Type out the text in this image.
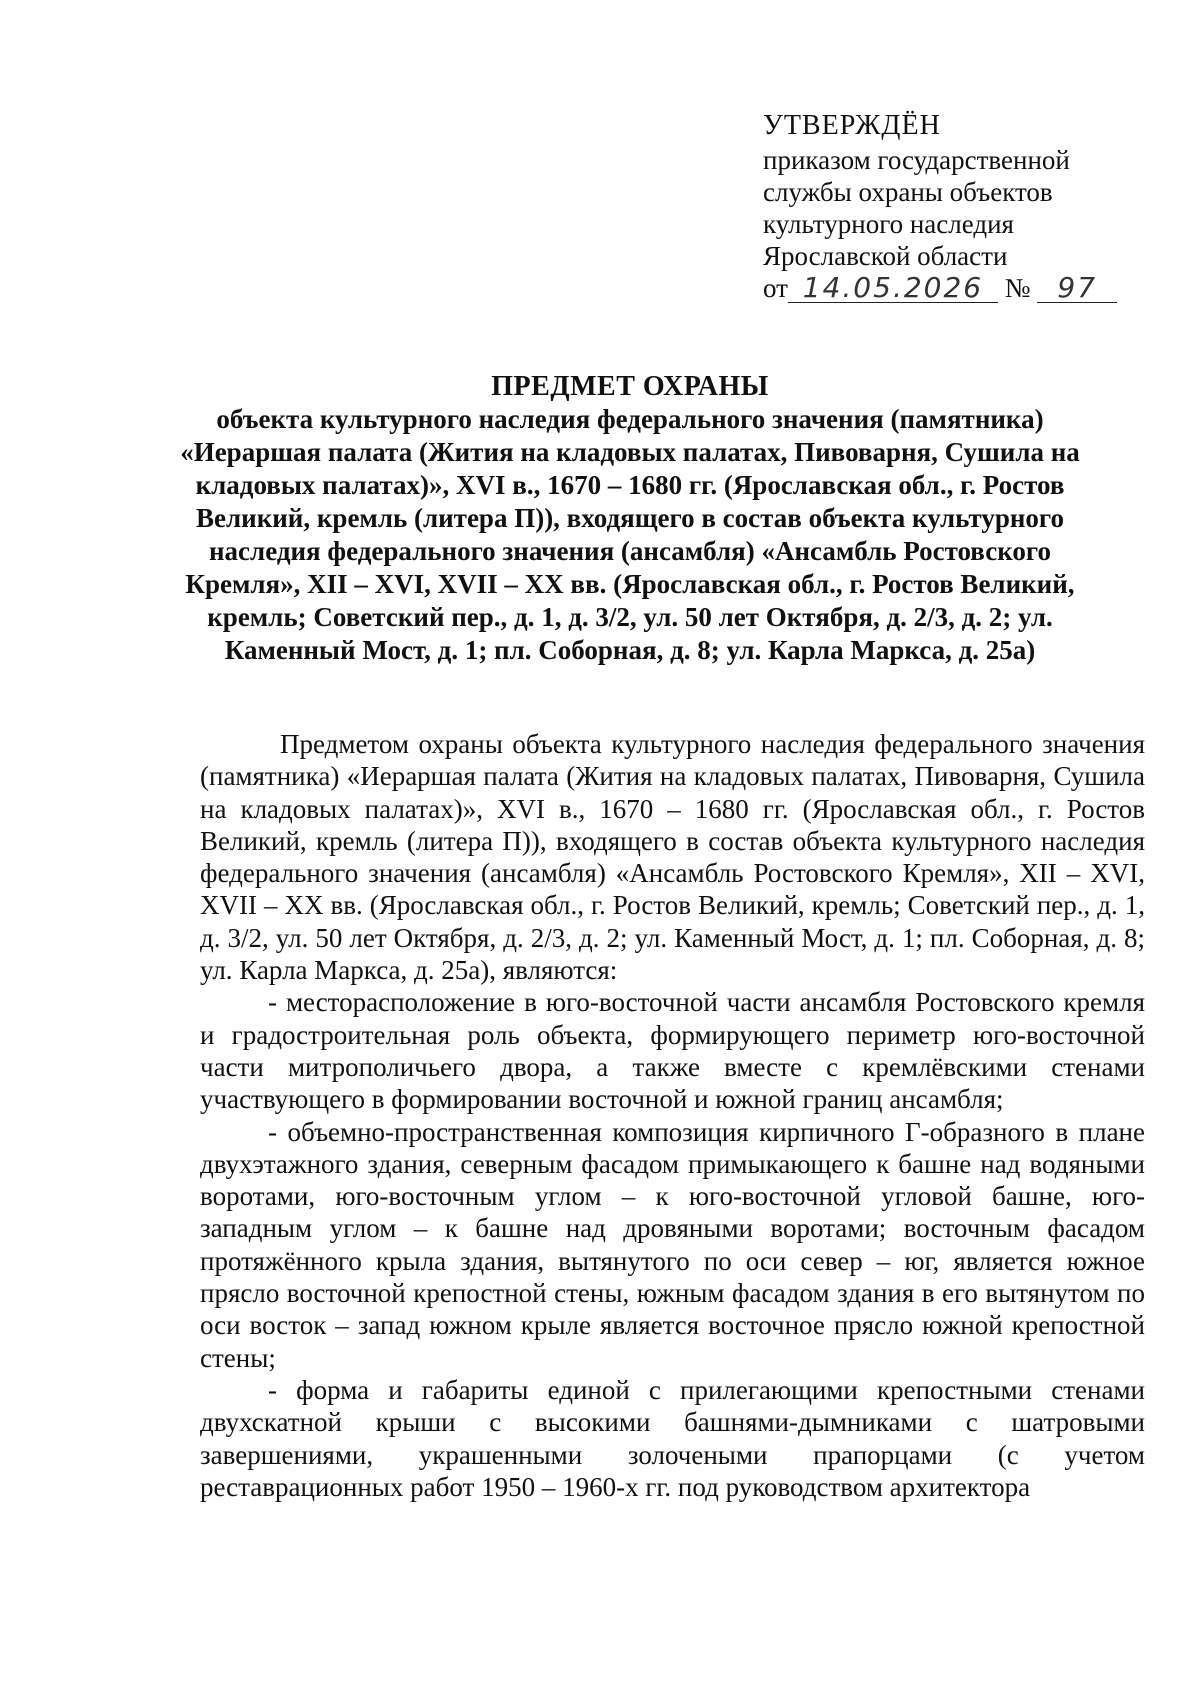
УТВЕРЖДЁН
приказом государственной
службы охраны объектов
культурного наследия
Ярославской области
от 14.05.2026 № 97
ПРЕДМЕТ ОХРАНЫ
объекта культурного наследия федерального значения (памятника) «Иераршая палата (Жития на кладовых палатах, Пивоварня, Сушила на кладовых палатах)», XVI в., 1670 – 1680 гг. (Ярославская обл., г. Ростов Великий, кремль (литера П)), входящего в состав объекта культурного наследия федерального значения (ансамбля) «Ансамбль Ростовского Кремля», XII – XVI, XVII – XX вв. (Ярославская обл., г. Ростов Великий, кремль; Советский пер., д. 1, д. 3/2, ул. 50 лет Октября, д. 2/3, д. 2; ул. Каменный Мост, д. 1; пл. Соборная, д. 8; ул. Карла Маркса, д. 25а)

Предметом охраны объекта культурного наследия федерального значения (памятника) «Иераршая палата (Жития на кладовых палатах, Пивоварня, Сушила на кладовых палатах)», XVI в., 1670 – 1680 гг. (Ярославская обл., г. Ростов Великий, кремль (литера П)), входящего в состав объекта культурного наследия федерального значения (ансамбля) «Ансамбль Ростовского Кремля», XII – XVI, XVII – XX вв. (Ярославская обл., г. Ростов Великий, кремль; Советский пер., д. 1, д. 3/2, ул. 50 лет Октября, д. 2/3, д. 2; ул. Каменный Мост, д. 1; пл. Соборная, д. 8; ул. Карла Маркса, д. 25а), являются:

- месторасположение в юго-восточной части ансамбля Ростовского кремля и градостроительная роль объекта, формирующего периметр юго-восточной части митрополичьего двора, а также вместе с кремлёвскими стенами участвующего в формировании восточной и южной границ ансамбля;

- объемно-пространственная композиция кирпичного Г-образного в плане двухэтажного здания, северным фасадом примыкающего к башне над водяными воротами, юго-восточным углом – к юго-восточной угловой башне, юго-западным углом – к башне над дровяными воротами; восточным фасадом протяжённого крыла здания, вытянутого по оси север – юг, является южное прясло восточной крепостной стены, южным фасадом здания в его вытянутом по оси восток – запад южном крыле является восточное прясло южной крепостной стены;

- форма и габариты единой с прилегающими крепостными стенами двухскатной крыши с высокими башнями-дымниками с шатровыми завершениями, украшенными золочеными прапорцами (с учетом реставрационных работ 1950 – 1960-х гг. под руководством архитектора
